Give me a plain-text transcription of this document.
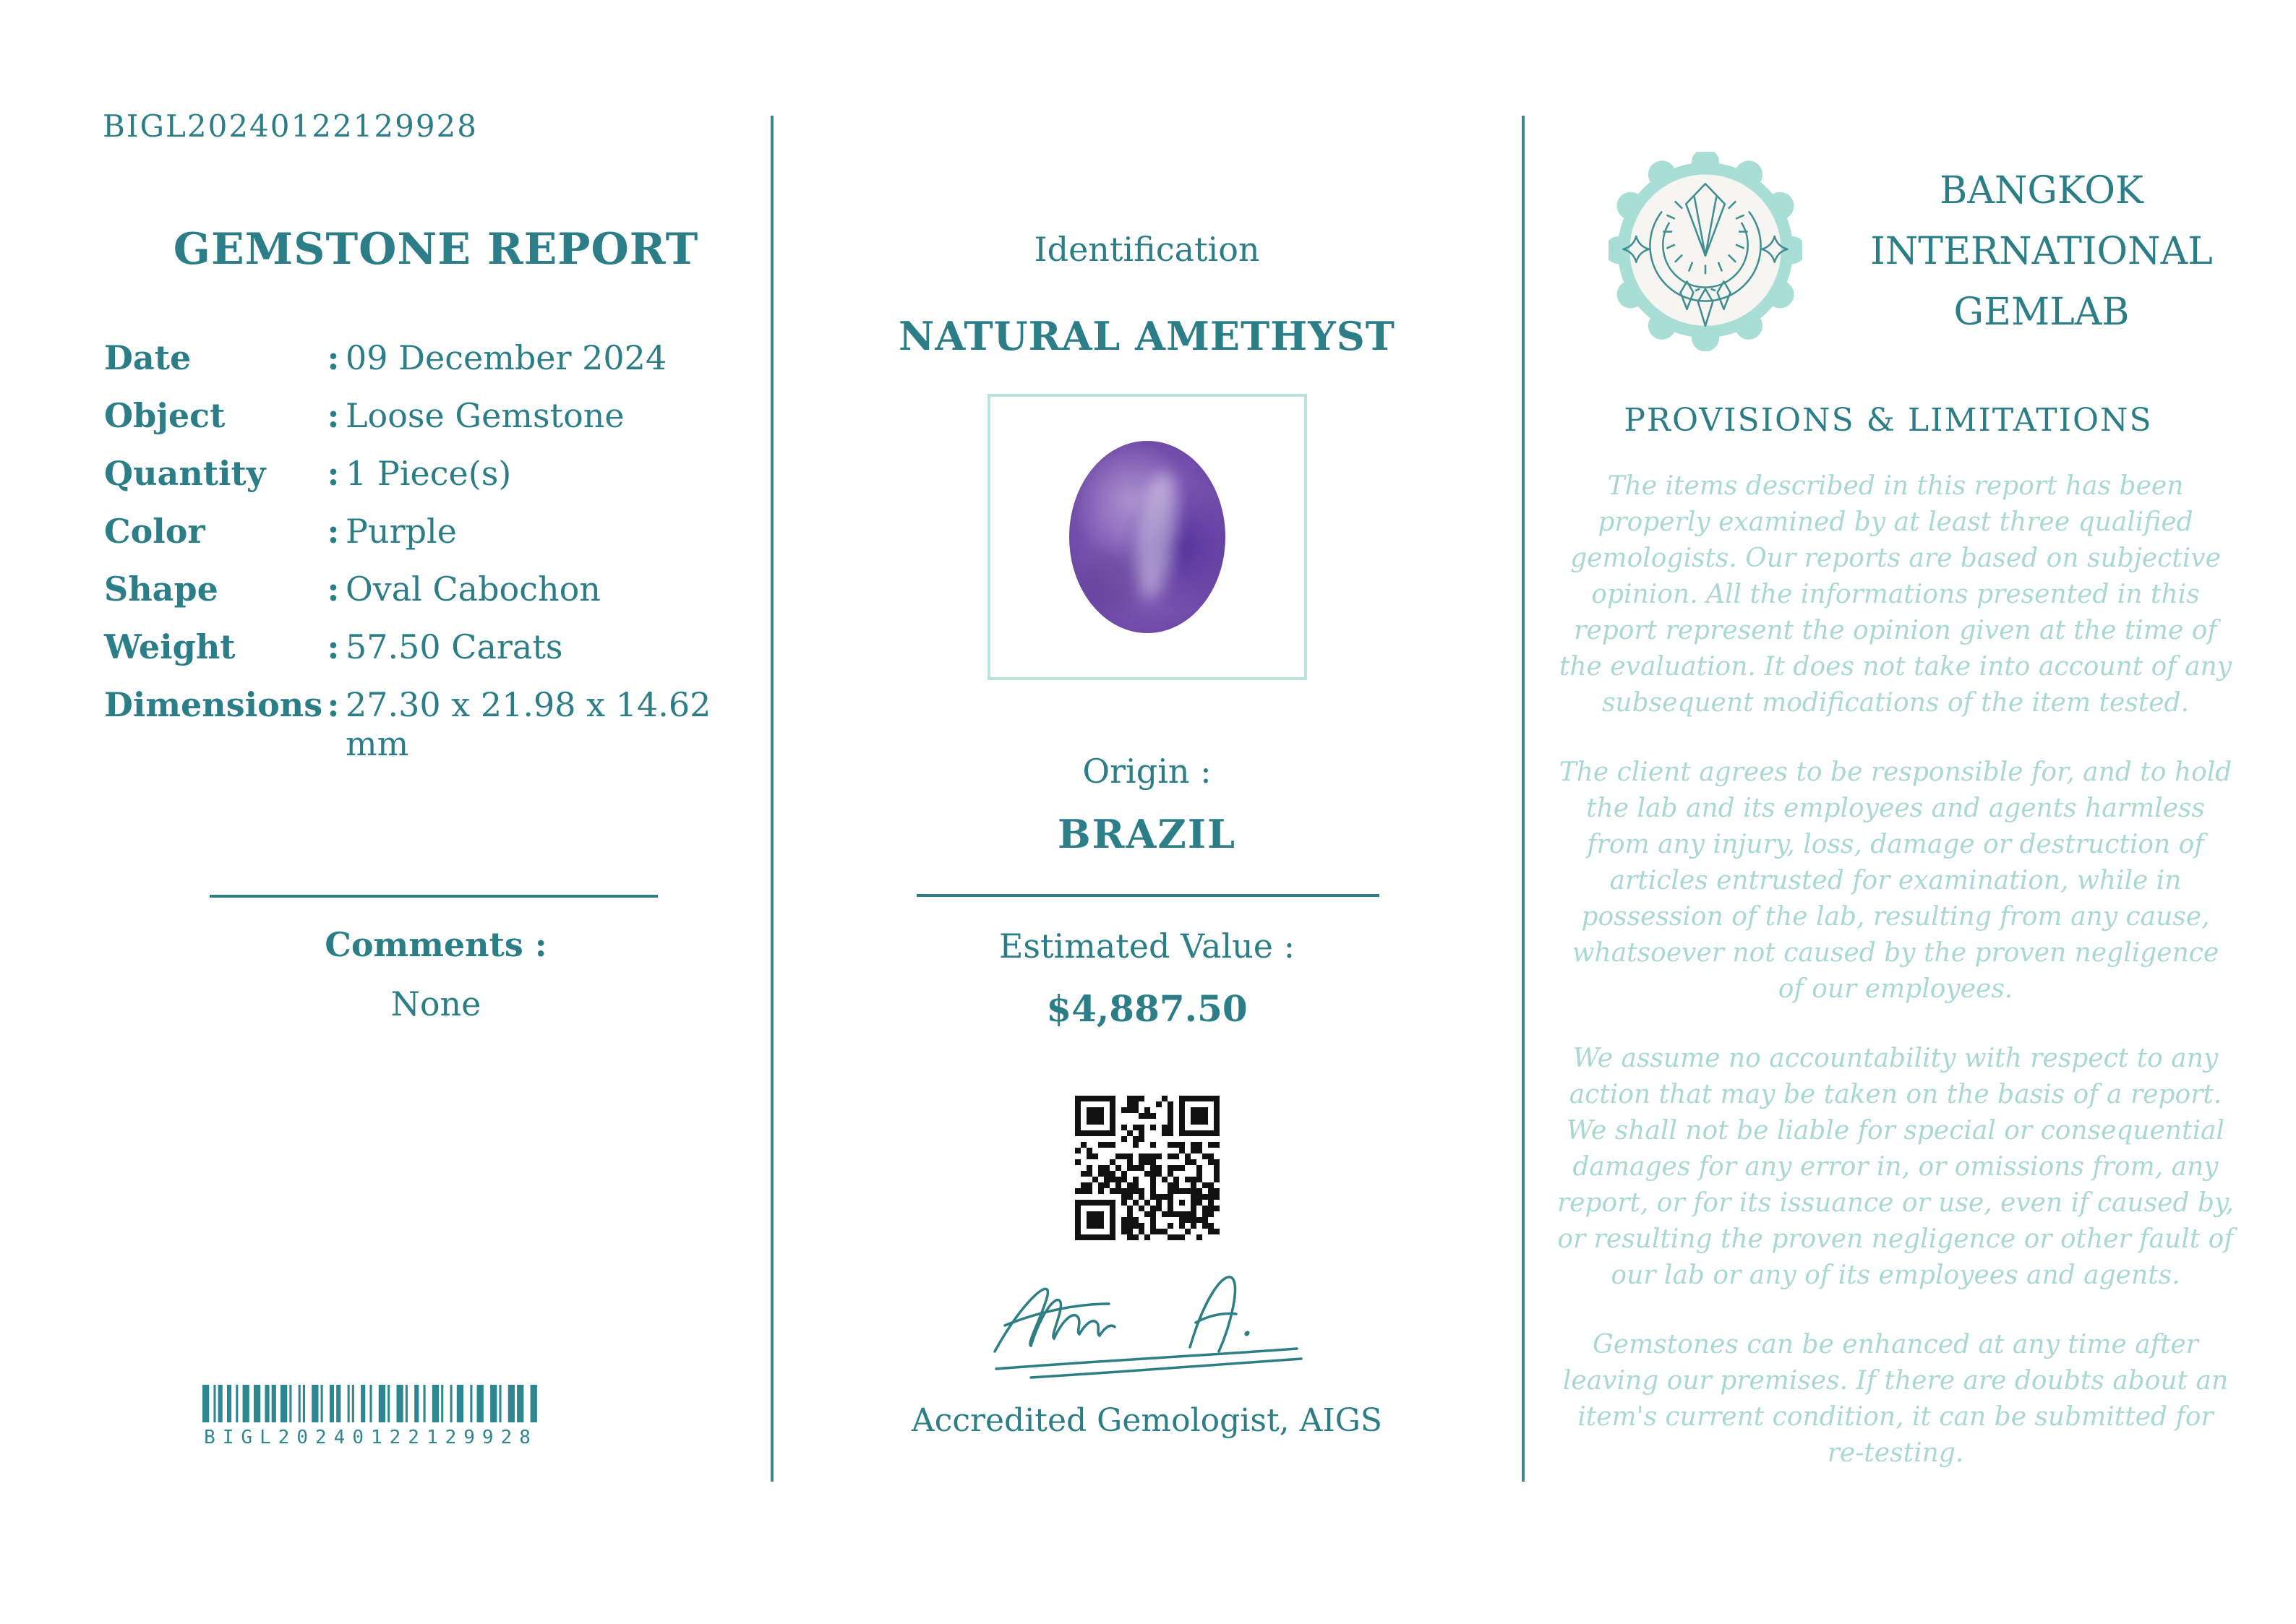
BIGL20240122129928
GEMSTONE REPORT
Date	: 09 December 2024
Object	: Loose Gemstone
Quantity	: 1 Piece(s)
Color	: Purple
Shape	: Oval Cabochon
Weight	: 57.50 Carats
Dimensions : 27.30 x 21.98 x 14.62 mm
Comments :
None
BIGL20240122129928
Identification
NATURAL AMETHYST
Origin :
BRAZIL
Estimated Value :
$4,887.50
Accredited Gemologist, AIGS
BANGKOK
INTERNATIONAL
GEMLAB
PROVISIONS & LIMITATIONS

The items described in this report has been properly examined by at least three qualified gemologists. Our reports are based on subjective opinion. All the informations presented in this report represent the opinion given at the time of the evaluation. It does not take into account of any subsequent modifications of the item tested.

The client agrees to be responsible for, and to hold the lab and its employees and agents harmless from any injury, loss, damage or destruction of articles entrusted for examination, while in possession of the lab, resulting from any cause, whatsoever not caused by the proven negligence of our employees.

We assume no accountability with respect to any action that may be taken on the basis of a report. We shall not be liable for special or consequential damages for any error in, or omissions from, any report, or for its issuance or use, even if caused by, or resulting the proven negligence or other fault of our lab or any of its employees and agents.

Gemstones can be enhanced at any time after leaving our premises. If there are doubts about an item's current condition, it can be submitted for re-testing.
